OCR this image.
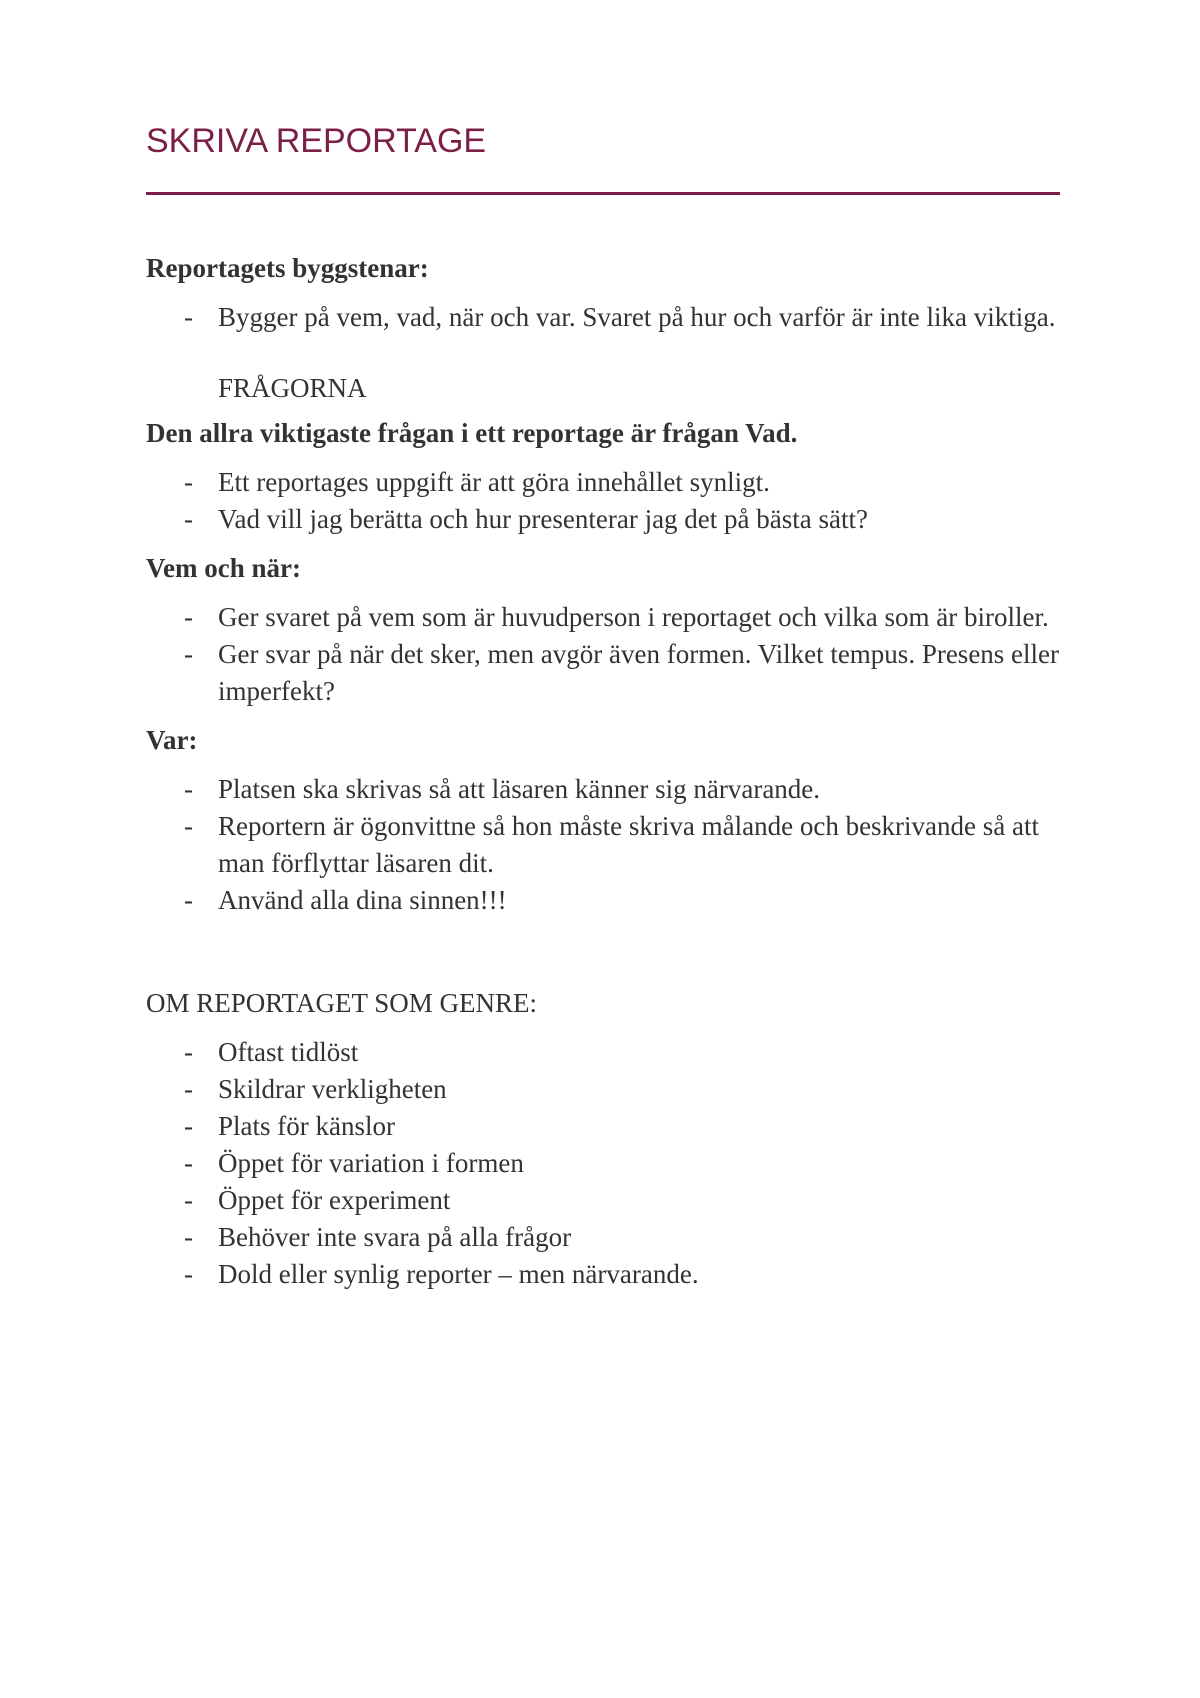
SKRIVA REPORTAGE

Reportagets byggstenar:

- Bygger på vem, vad, när och var. Svaret på hur och varför är inte lika viktiga.

FRÅGORNA

Den allra viktigaste frågan i ett reportage är frågan Vad.

- Ett reportages uppgift är att göra innehållet synligt.
- Vad vill jag berätta och hur presenterar jag det på bästa sätt?

Vem och när:

- Ger svaret på vem som är huvudperson i reportaget och vilka som är biroller.
- Ger svar på när det sker, men avgör även formen. Vilket tempus. Presens eller imperfekt?

Var:

- Platsen ska skrivas så att läsaren känner sig närvarande.
- Reportern är ögonvittne så hon måste skriva målande och beskrivande så att man förflyttar läsaren dit.
- Använd alla dina sinnen!!!

OM REPORTAGET SOM GENRE:

- Oftast tidlöst
- Skildrar verkligheten
- Plats för känslor
- Öppet för variation i formen
- Öppet för experiment
- Behöver inte svara på alla frågor
- Dold eller synlig reporter – men närvarande.
